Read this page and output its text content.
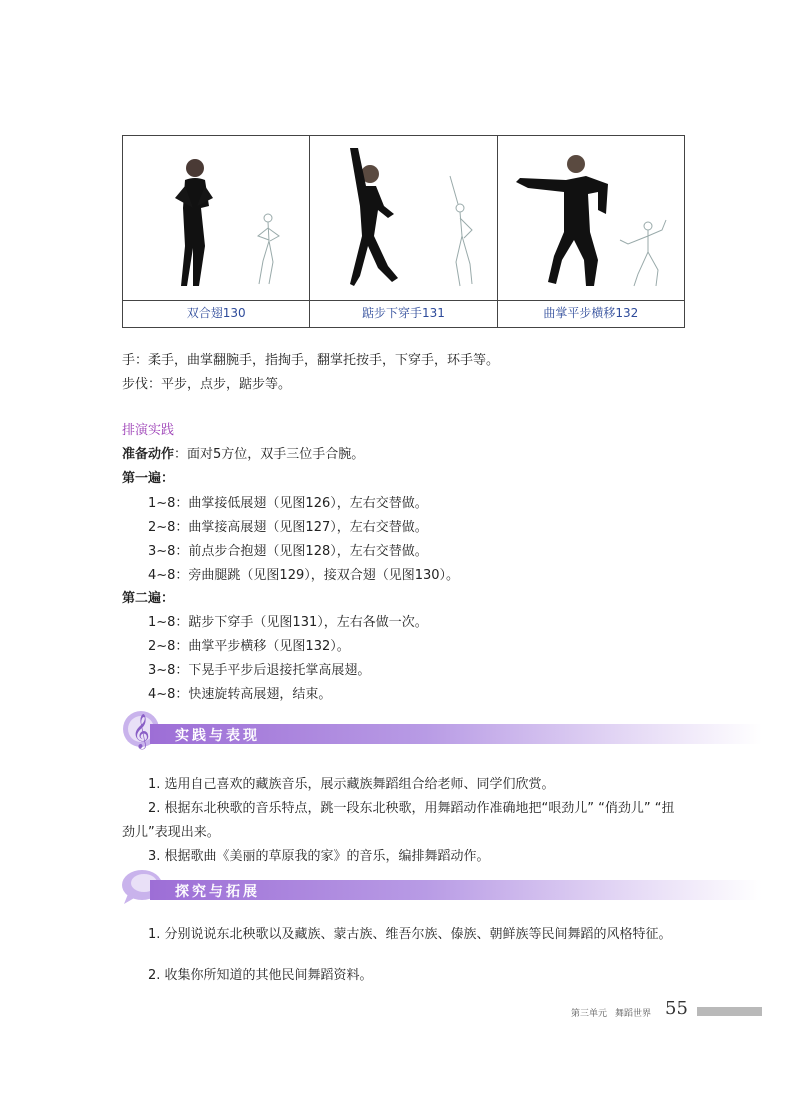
双合翅130	踮步下穿手131	曲掌平步横移132
手：柔手，曲掌翻腕手，指掏手，翻掌托按手，下穿手，环手等。
步伐：平步，点步，踮步等。
排演实践
准备动作：面对5方位，双手三位手合腕。
第一遍：
1~8：曲掌接低展翅（见图126），左右交替做。
2~8：曲掌接高展翅（见图127），左右交替做。
3~8：前点步合抱翅（见图128），左右交替做。
4~8：旁曲腿跳（见图129），接双合翅（见图130）。
第二遍：
1~8：踮步下穿手（见图131），左右各做一次。
2~8：曲掌平步横移（见图132）。
3~8：下晃手平步后退接托掌高展翅。
4~8：快速旋转高展翅，结束。
𝄞 实践与表现
1. 选用自己喜欢的藏族音乐，展示藏族舞蹈组合给老师、同学们欣赏。
2. 根据东北秧歌的音乐特点，跳一段东北秧歌，用舞蹈动作准确地把“哏劲儿” “俏劲儿” “扭
劲儿”表现出来。
3. 根据歌曲《美丽的草原我的家》的音乐，编排舞蹈动作。
探究与拓展
1. 分别说说东北秧歌以及藏族、蒙古族、维吾尔族、傣族、朝鲜族等民间舞蹈的风格特征。
2. 收集你所知道的其他民间舞蹈资料。
第三单元 舞蹈世界 55
